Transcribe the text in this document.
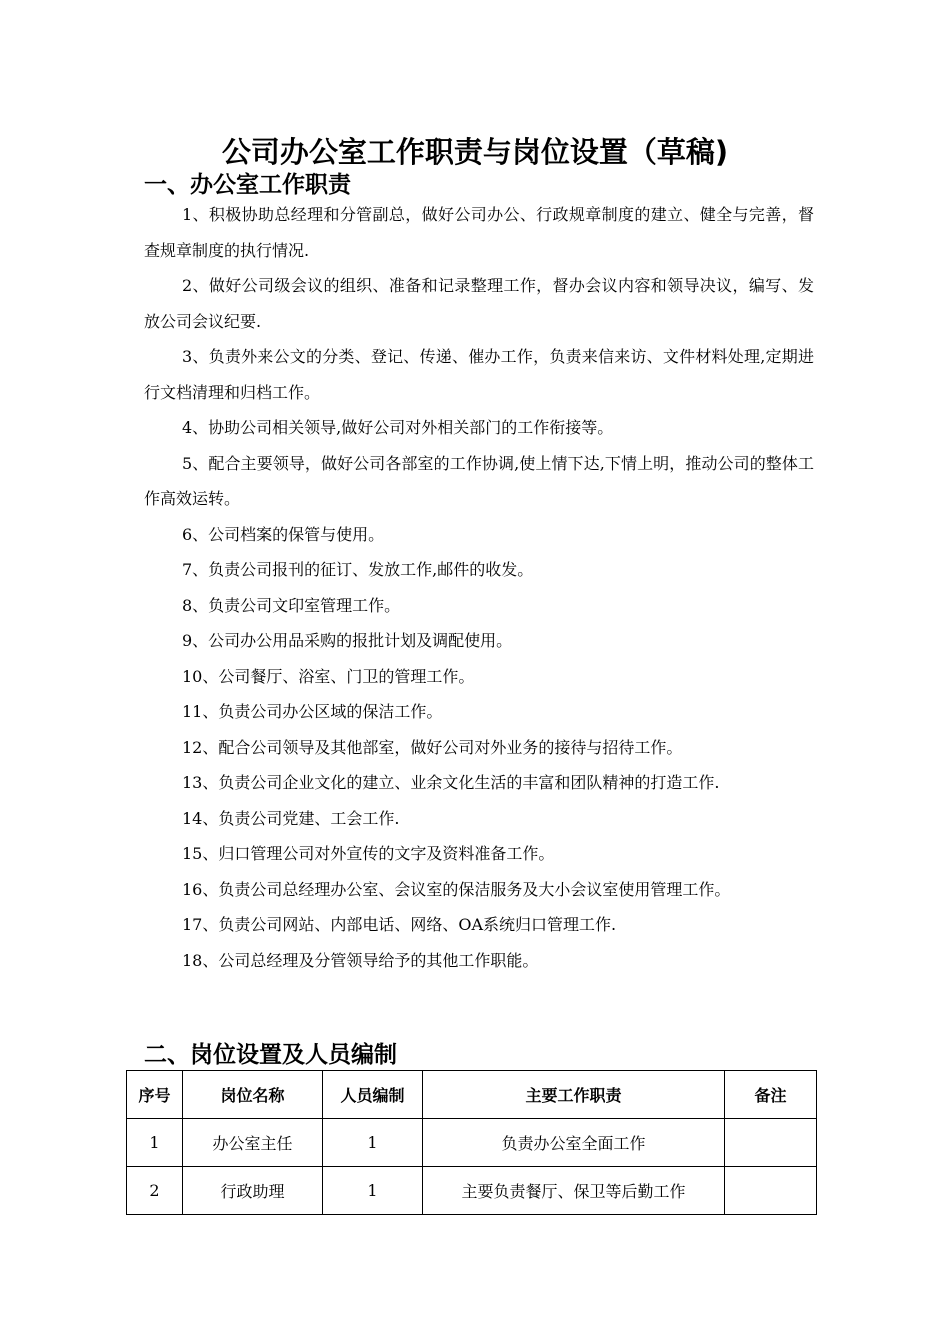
公司办公室工作职责与岗位设置（草稿)
一、办公室工作职责
1、积极协助总经理和分管副总，做好公司办公、行政规章制度的建立、健全与完善，督查规章制度的执行情况.
2、做好公司级会议的组织、准备和记录整理工作，督办会议内容和领导决议，编写、发放公司会议纪要.
3、负责外来公文的分类、登记、传递、催办工作，负责来信来访、文件材料处理,定期进行文档清理和归档工作。
4、协助公司相关领导,做好公司对外相关部门的工作衔接等。
5、配合主要领导，做好公司各部室的工作协调,使上情下达,下情上明，推动公司的整体工作高效运转。
6、公司档案的保管与使用。
7、负责公司报刊的征订、发放工作,邮件的收发。
8、负责公司文印室管理工作。
9、公司办公用品采购的报批计划及调配使用。
10、公司餐厅、浴室、门卫的管理工作。
11、负责公司办公区域的保洁工作。
12、配合公司领导及其他部室，做好公司对外业务的接待与招待工作。
13、负责公司企业文化的建立、业余文化生活的丰富和团队精神的打造工作.
14、负责公司党建、工会工作.
15、归口管理公司对外宣传的文字及资料准备工作。
16、负责公司总经理办公室、会议室的保洁服务及大小会议室使用管理工作。
17、负责公司网站、内部电话、网络、OA系统归口管理工作.
18、公司总经理及分管领导给予的其他工作职能。
二、岗位设置及人员编制
序号	岗位名称	人员编制	主要工作职责	备注
1	办公室主任	1	负责办公室全面工作	
2	行政助理	1	主要负责餐厅、保卫等后勤工作	
